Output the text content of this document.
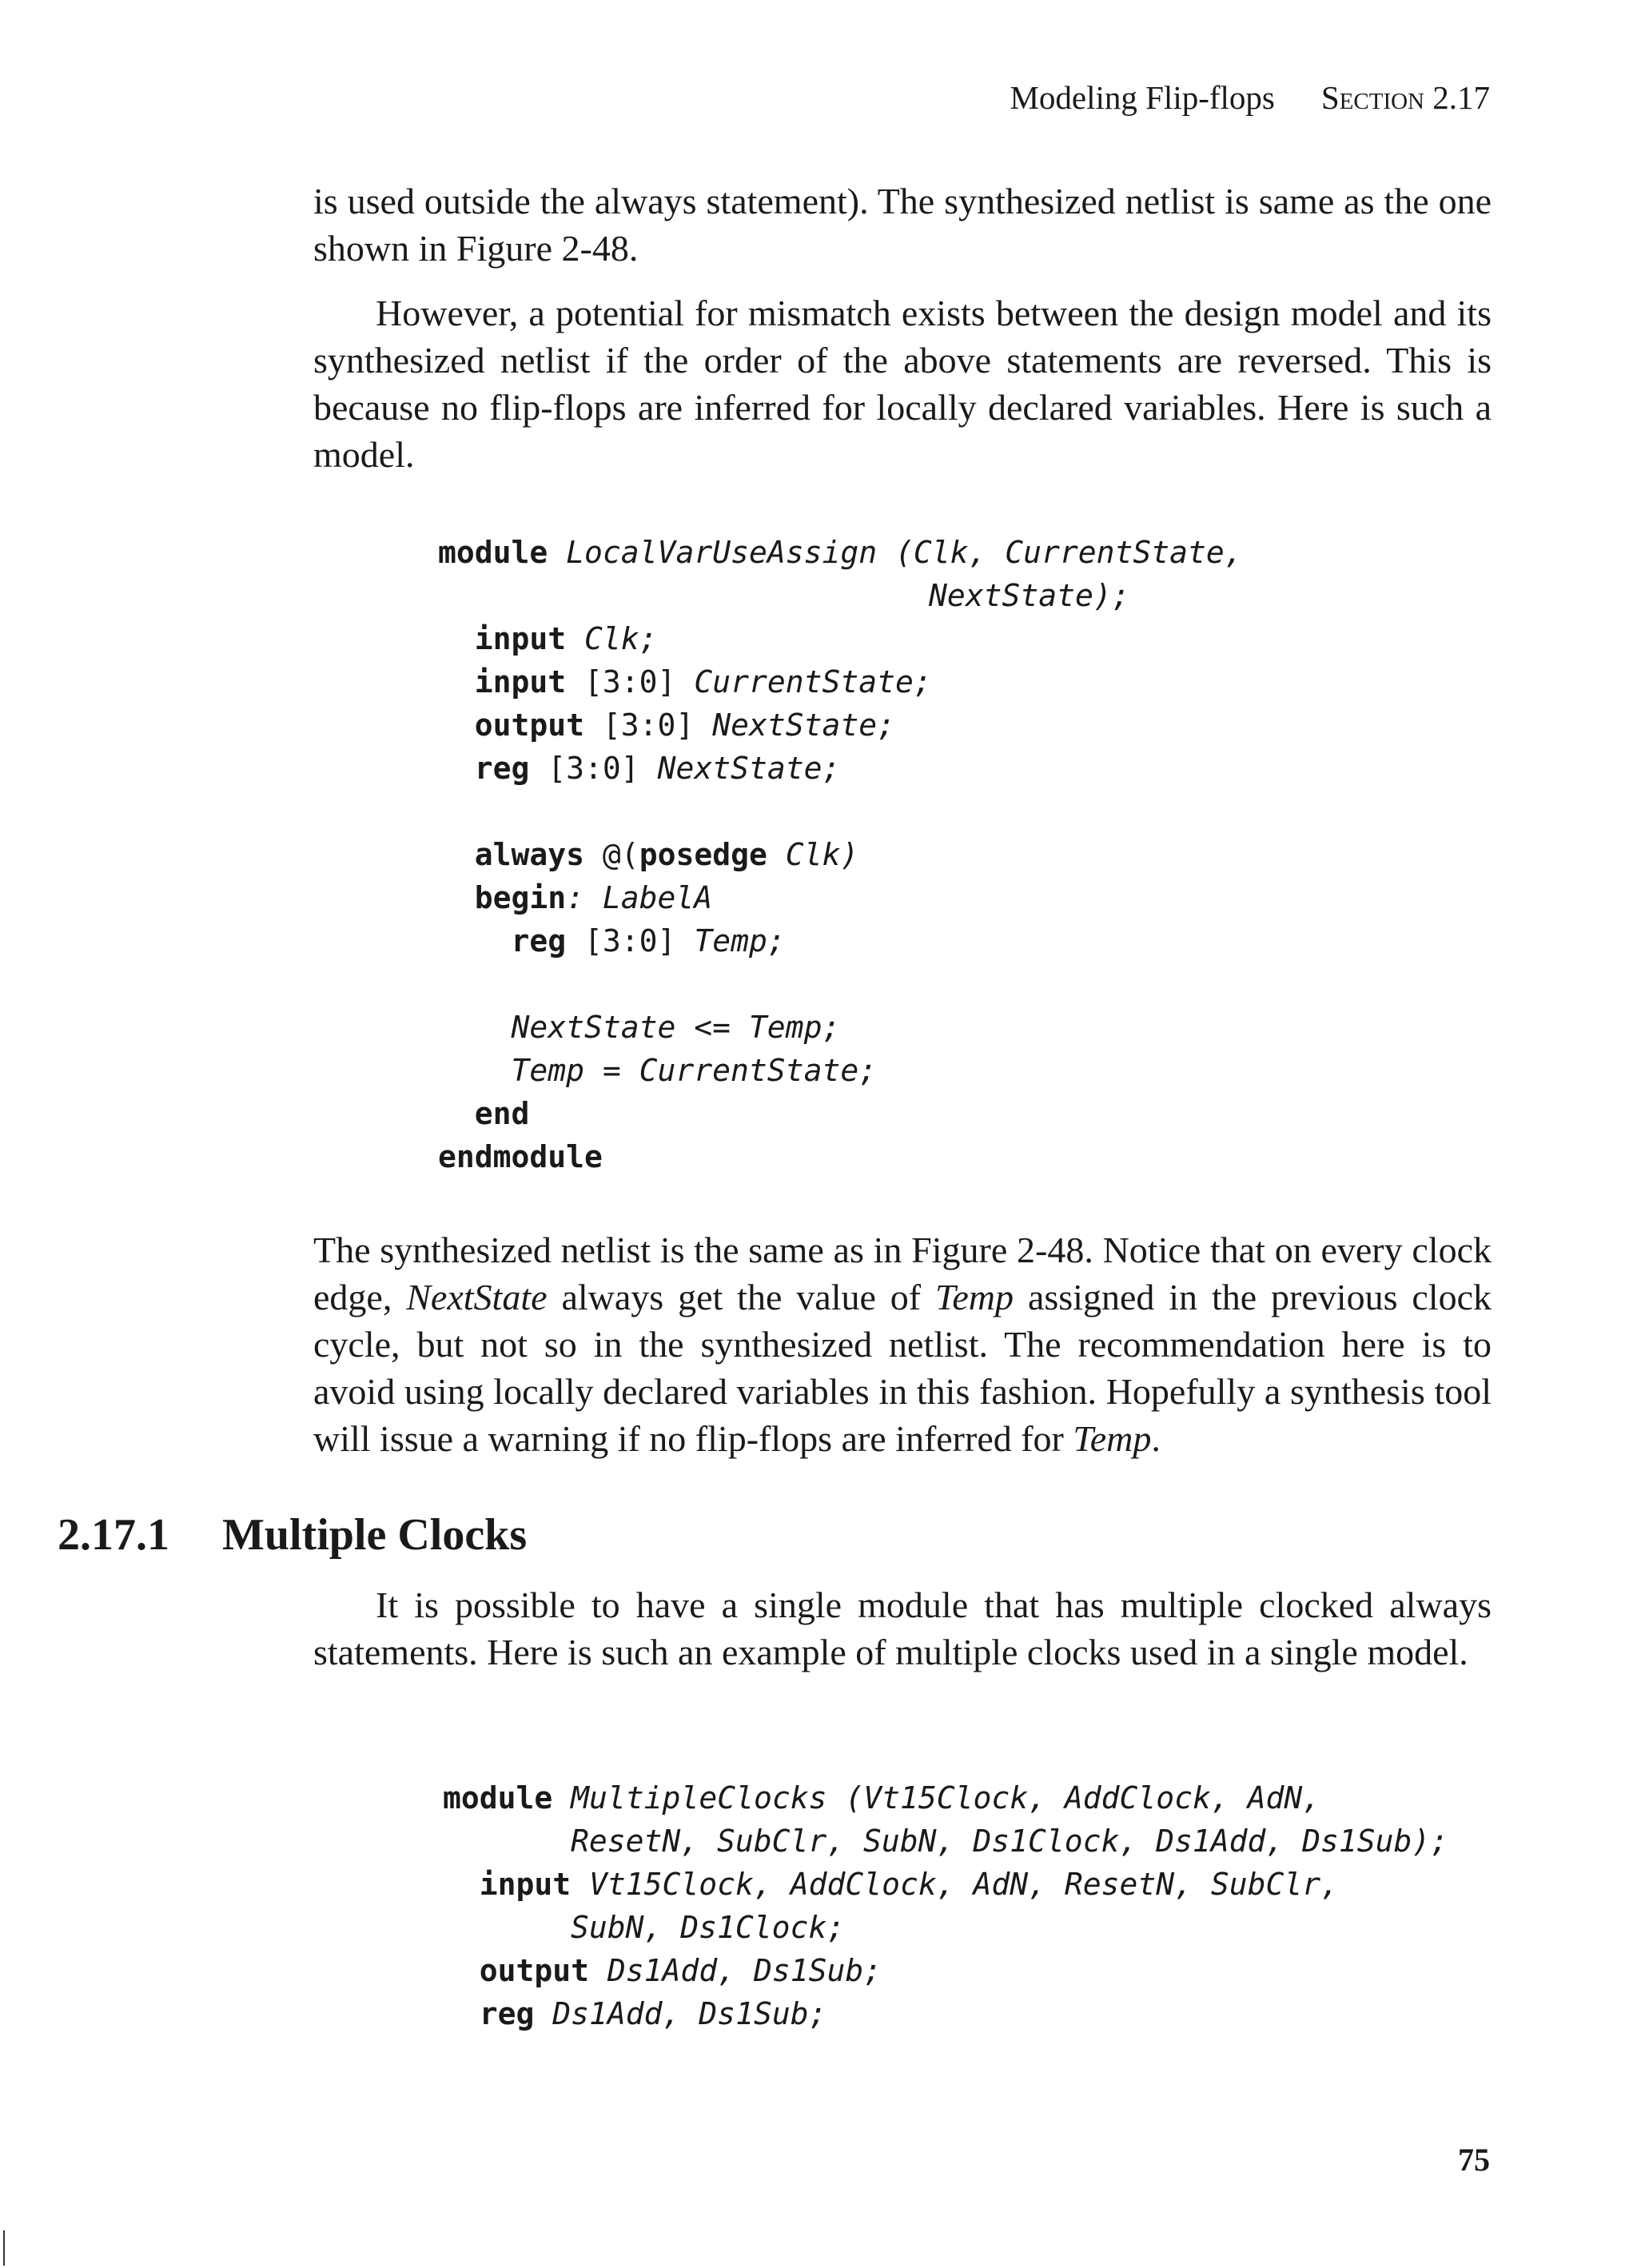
Modeling Flip-flops Section 2.17

is used outside the always statement). The synthesized netlist is same as the one shown in Figure 2-48.

However, a potential for mismatch exists between the design model and its synthesized netlist if the order of the above statements are reversed. This is because no flip-flops are inferred for locally declared variables. Here is such a model.

module LocalVarUseAssign (Clk, CurrentState,
NextState);
input Clk;
input [3:0] CurrentState;
output [3:0] NextState;
reg [3:0] NextState;

always @(posedge Clk)
begin: LabelA
reg [3:0] Temp;

NextState <= Temp;
Temp = CurrentState;
end
endmodule

The synthesized netlist is the same as in Figure 2-48. Notice that on every clock edge, NextState always get the value of Temp assigned in the previous clock cycle, but not so in the synthesized netlist. The recommendation here is to avoid using locally declared variables in this fashion. Hopefully a synthesis tool will issue a warning if no flip-flops are inferred for Temp.

2.17.1 Multiple Clocks

It is possible to have a single module that has multiple clocked always statements. Here is such an example of multiple clocks used in a single model.

module MultipleClocks (Vt15Clock, AddClock, AdN,
ResetN, SubClr, SubN, Ds1Clock, Ds1Add, Ds1Sub);
input Vt15Clock, AddClock, AdN, ResetN, SubClr,
SubN, Ds1Clock;
output Ds1Add, Ds1Sub;
reg Ds1Add, Ds1Sub;
75
